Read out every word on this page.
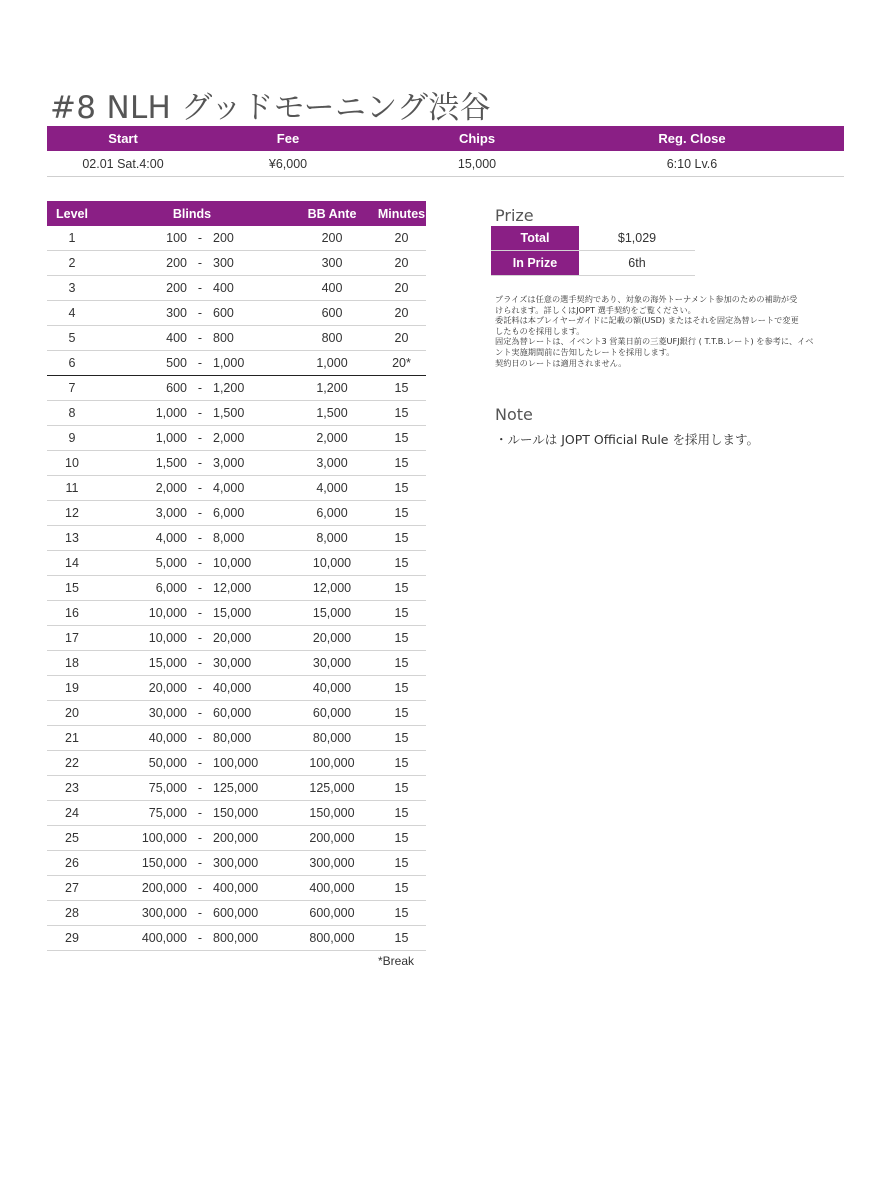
#8 NLH グッドモーニング渋谷
Start	Fee	Chips	Reg. Close
02.01 Sat.4:00	¥6,000	15,000	6:10 Lv.6
Level	Blinds	BB Ante	Minutes
1	100 - 200	200	20
2	200 - 300	300	20
3	200 - 400	400	20
4	300 - 600	600	20
5	400 - 800	800	20
6	500 - 1,000	1,000	20*
7	600 - 1,200	1,200	15
8	1,000 - 1,500	1,500	15
9	1,000 - 2,000	2,000	15
10	1,500 - 3,000	3,000	15
11	2,000 - 4,000	4,000	15
12	3,000 - 6,000	6,000	15
13	4,000 - 8,000	8,000	15
14	5,000 - 10,000	10,000	15
15	6,000 - 12,000	12,000	15
16	10,000 - 15,000	15,000	15
17	10,000 - 20,000	20,000	15
18	15,000 - 30,000	30,000	15
19	20,000 - 40,000	40,000	15
20	30,000 - 60,000	60,000	15
21	40,000 - 80,000	80,000	15
22	50,000 - 100,000	100,000	15
23	75,000 - 125,000	125,000	15
24	75,000 - 150,000	150,000	15
25	100,000 - 200,000	200,000	15
26	150,000 - 300,000	300,000	15
27	200,000 - 400,000	400,000	15
28	300,000 - 600,000	600,000	15
29	400,000 - 800,000	800,000	15
*Break
Prize
Total	$1,029
In Prize	6th
プライズは任意の選手契約であり、対象の海外トーナメント参加のための補助が受
けられます。詳しくはJOPT 選手契約をご覧ください。
委託料は本プレイヤーガイドに記載の額(USD) またはそれを固定為替レートで変更
したものを採用します。
固定為替レートは、イベント3 営業日前の三菱UFJ銀行 ( T.T.B.レート) を参考に、イベ
ント実施期間前に告知したレートを採用します。
契約日のレートは適用されません。
Note
・ルールは JOPT Official Rule を採用します。
